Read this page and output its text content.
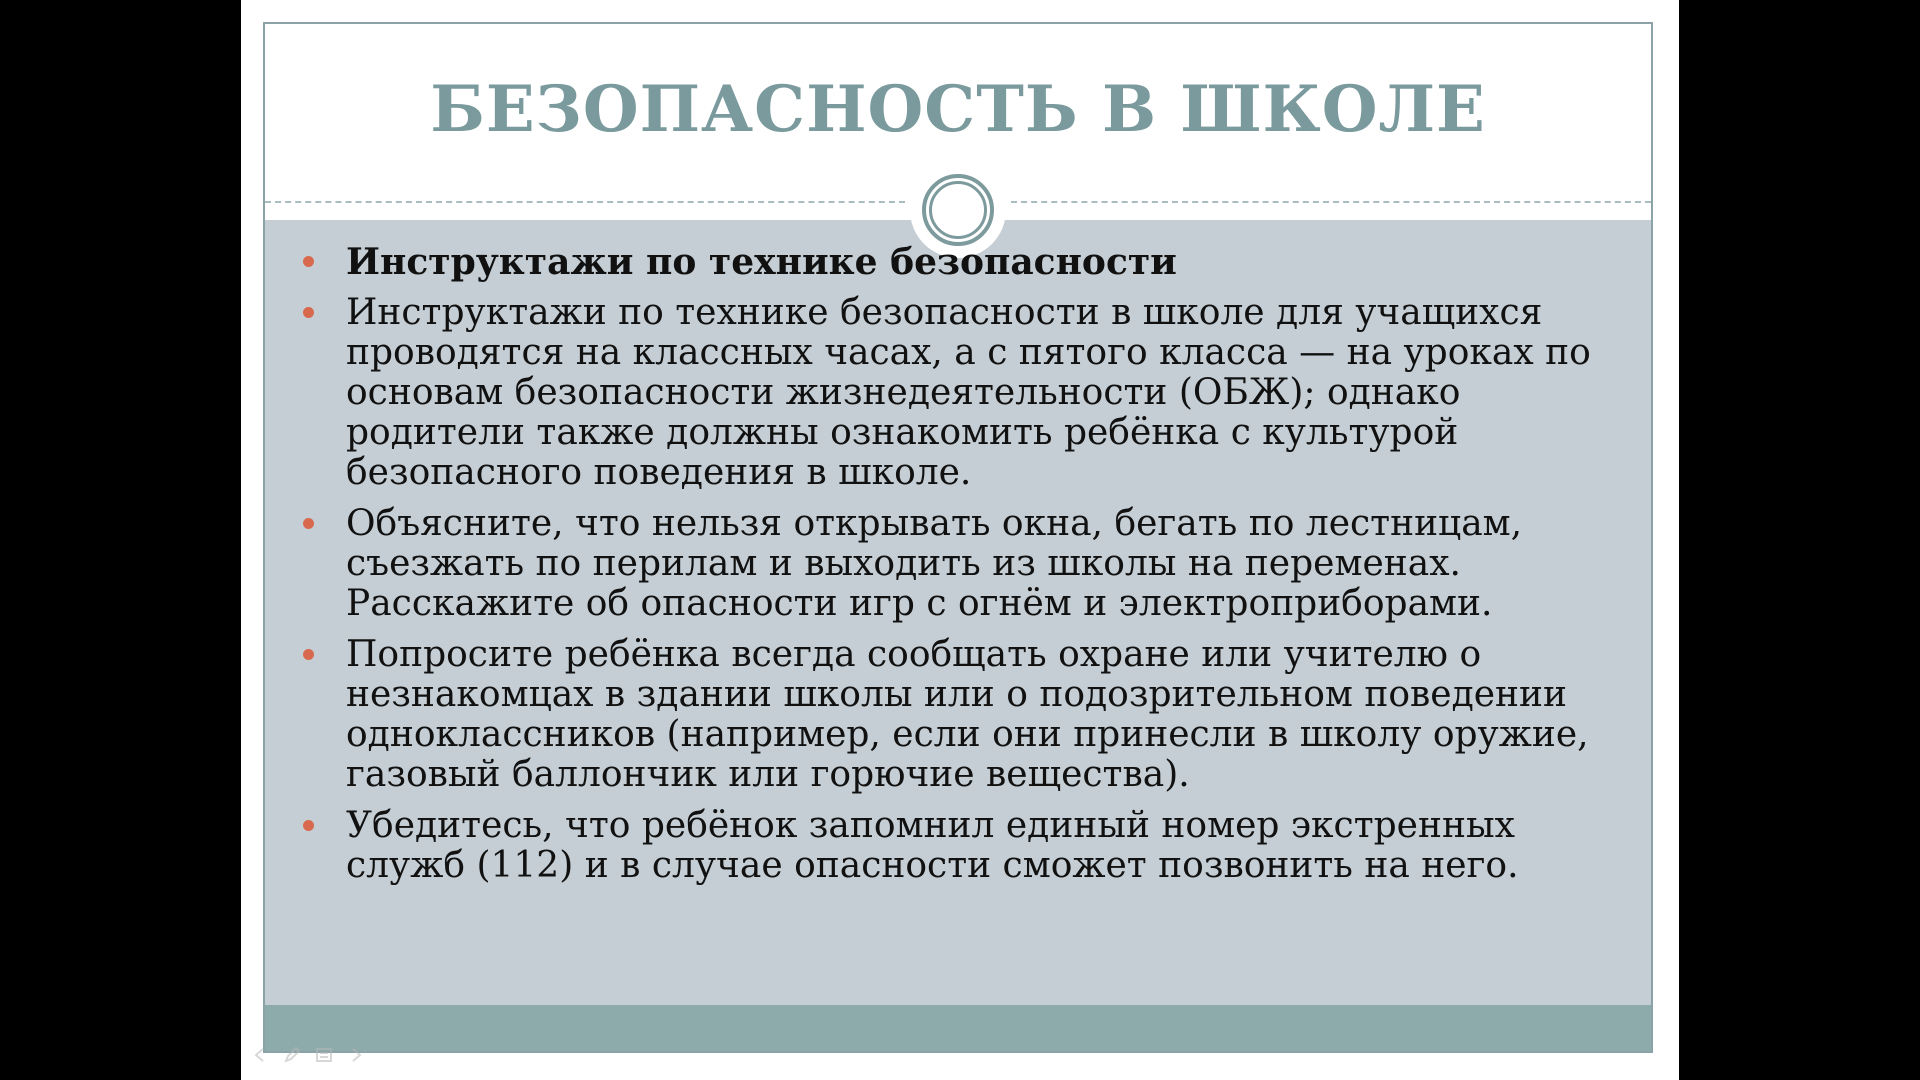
БЕЗОПАСНОСТЬ В ШКОЛЕ
Инструктажи по технике безопасности
Инструктажи по технике безопасности в школе для учащихся проводятся на классных часах, а с пятого класса — на уроках по основам безопасности жизнедеятельности (ОБЖ); однако родители также должны ознакомить ребёнка с культурой безопасного поведения в школе.
Объясните, что нельзя открывать окна, бегать по лестницам, съезжать по перилам и выходить из школы на переменах. Расскажите об опасности игр с огнём и электроприборами.
Попросите ребёнка всегда сообщать охране или учителю о незнакомцах в здании школы или о подозрительном поведении одноклассников (например, если они принесли в школу оружие, газовый баллончик или горючие вещества).
Убедитесь, что ребёнок запомнил единый номер экстренных служб (112) и в случае опасности сможет позвонить на него.
